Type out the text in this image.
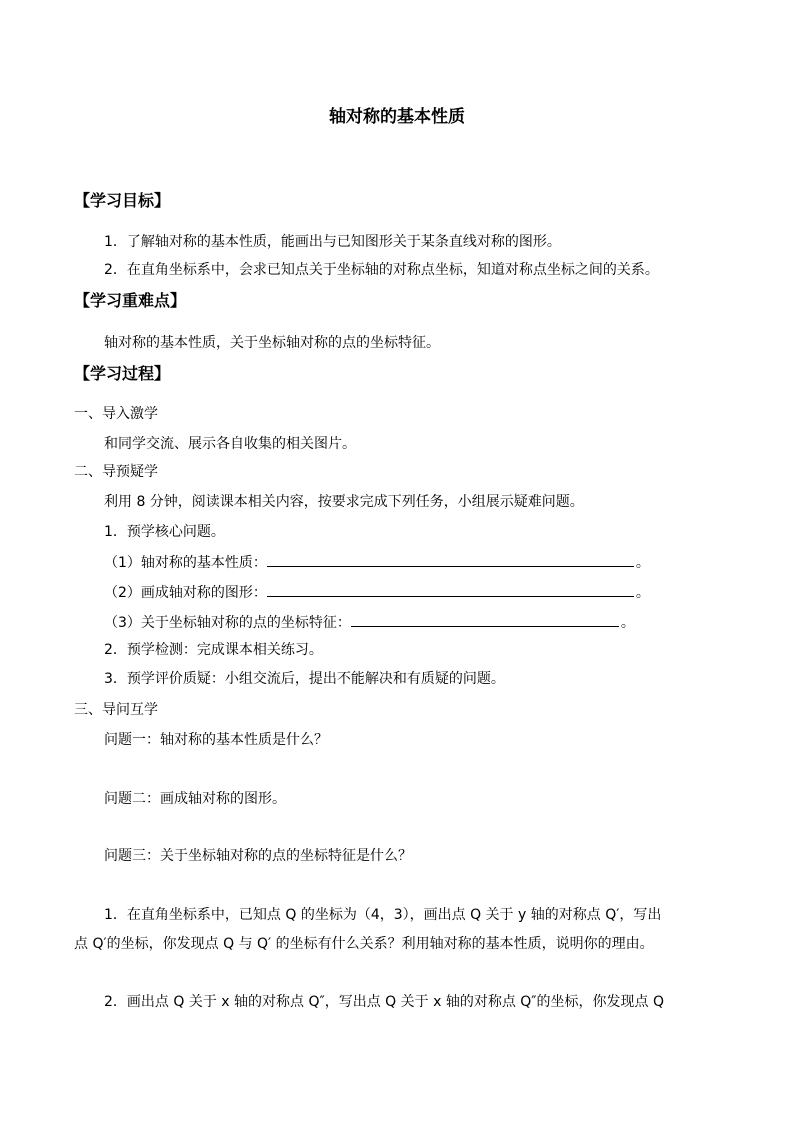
轴对称的基本性质
【学习目标】
1．了解轴对称的基本性质，能画出与已知图形关于某条直线对称的图形。
2．在直角坐标系中，会求已知点关于坐标轴的对称点坐标，知道对称点坐标之间的关系。
【学习重难点】
轴对称的基本性质，关于坐标轴对称的点的坐标特征。
【学习过程】
一、导入激学
和同学交流、展示各自收集的相关图片。
二、导预疑学
利用 8 分钟，阅读课本相关内容，按要求完成下列任务，小组展示疑难问题。
1．预学核心问题。
（1）轴对称的基本性质：	。
（2）画成轴对称的图形：	。
（3）关于坐标轴对称的点的坐标特征：	。
2．预学检测：完成课本相关练习。
3．预学评价质疑：小组交流后，提出不能解决和有质疑的问题。
三、导问互学
问题一：轴对称的基本性质是什么？
问题二：画成轴对称的图形。
问题三：关于坐标轴对称的点的坐标特征是什么？
1．在直角坐标系中，已知点 Q 的坐标为（4，3），画出点 Q 关于 y 轴的对称点 Q′，写出
点 Q′的坐标，你发现点 Q 与 Q′ 的坐标有什么关系？利用轴对称的基本性质，说明你的理由。
2．画出点 Q 关于 x 轴的对称点 Q″，写出点 Q 关于 x 轴的对称点 Q″的坐标，你发现点 Q
